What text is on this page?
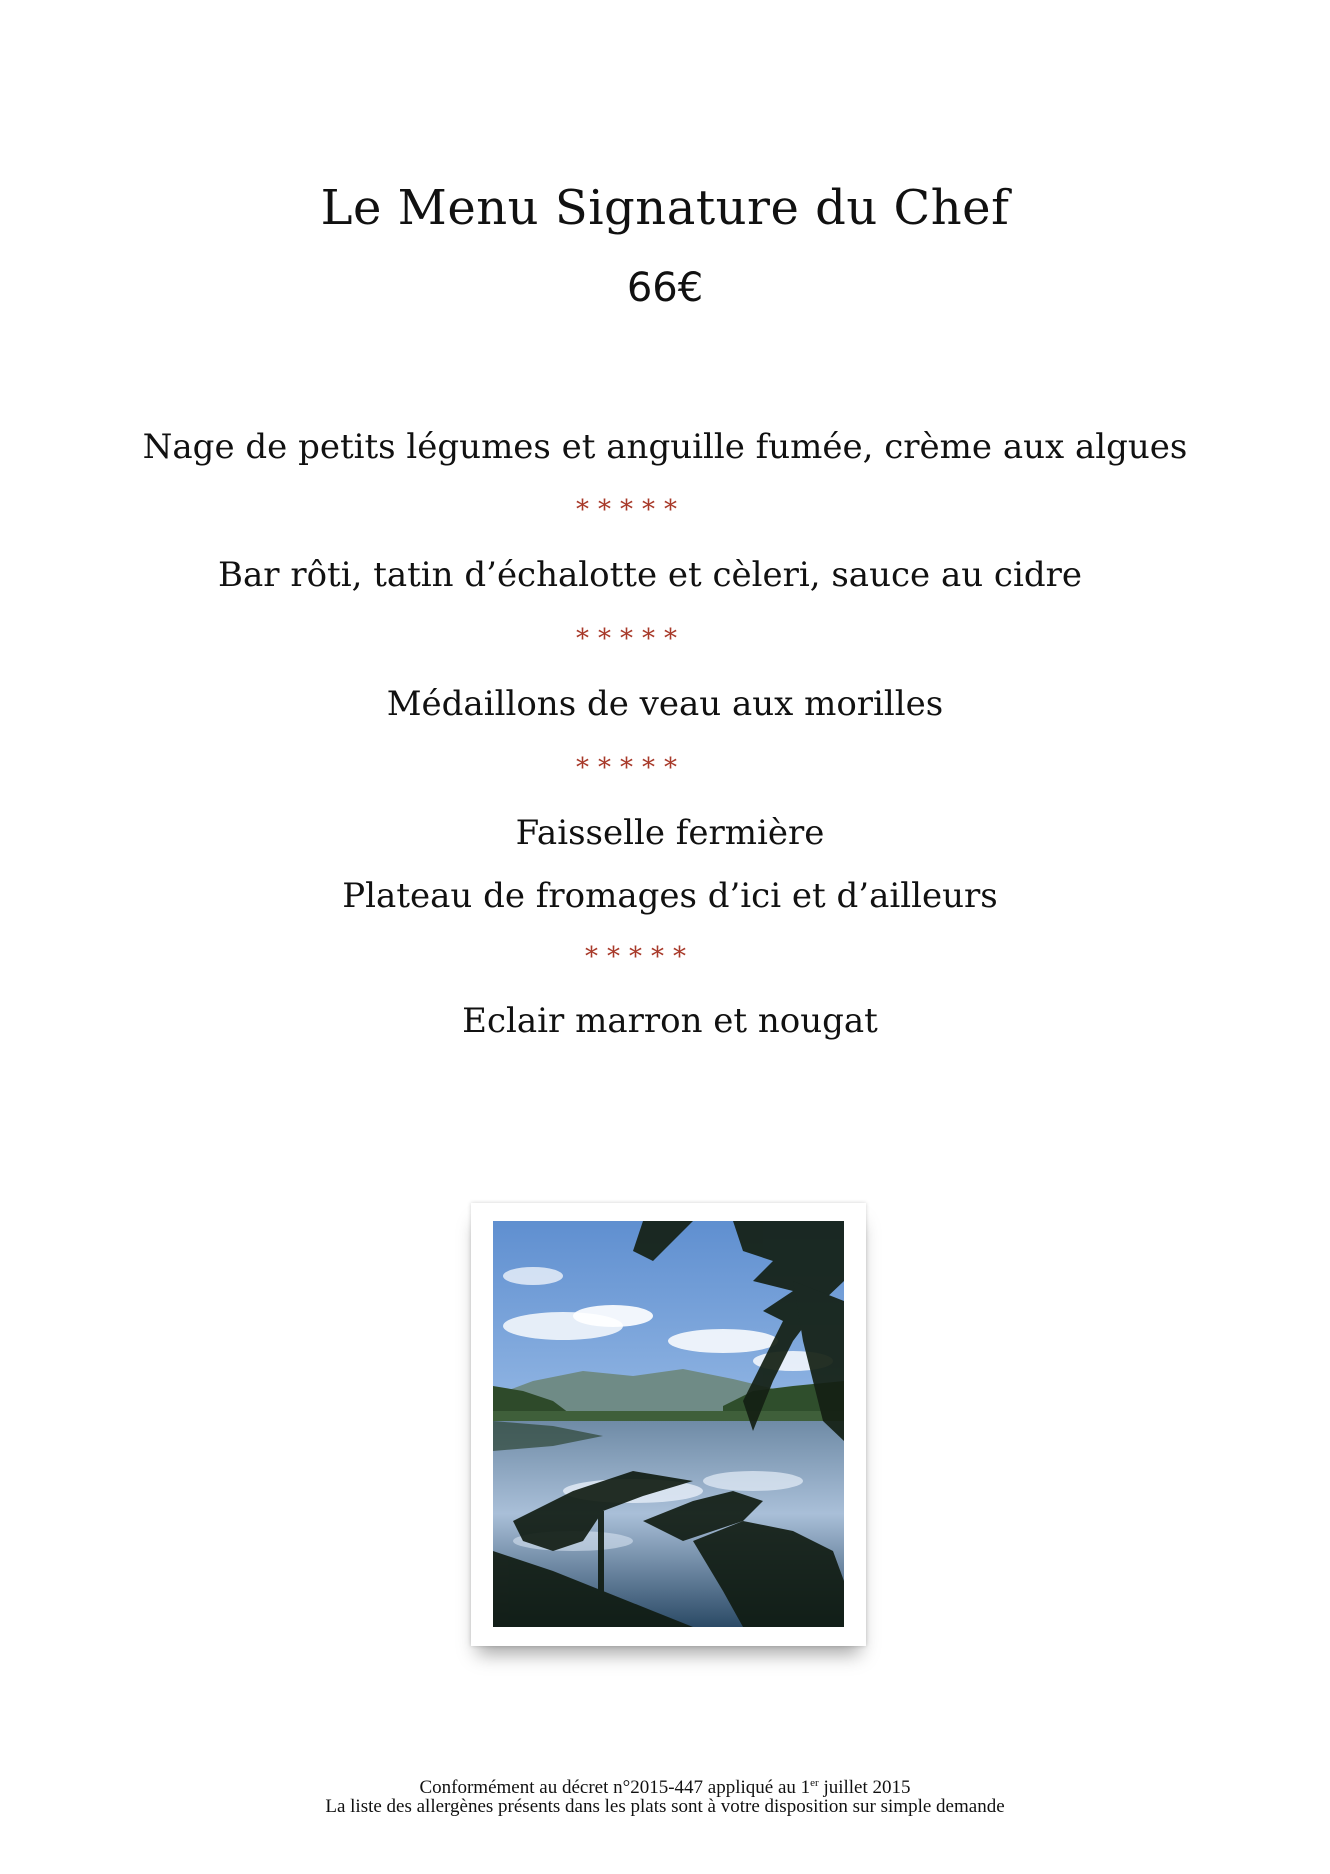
Le Menu Signature du Chef
66€
Nage de petits légumes et anguille fumée, crème aux algues
*****
Bar rôti, tatin d’échalotte et cèleri, sauce au cidre
*****
Médaillons de veau aux morilles
*****
Faisselle fermière
Plateau de fromages d’ici et d’ailleurs
*****
Eclair marron et nougat
Conformément au décret n°2015-447 appliqué au 1er juillet 2015
La liste des allergènes présents dans les plats sont à votre disposition sur simple demande
